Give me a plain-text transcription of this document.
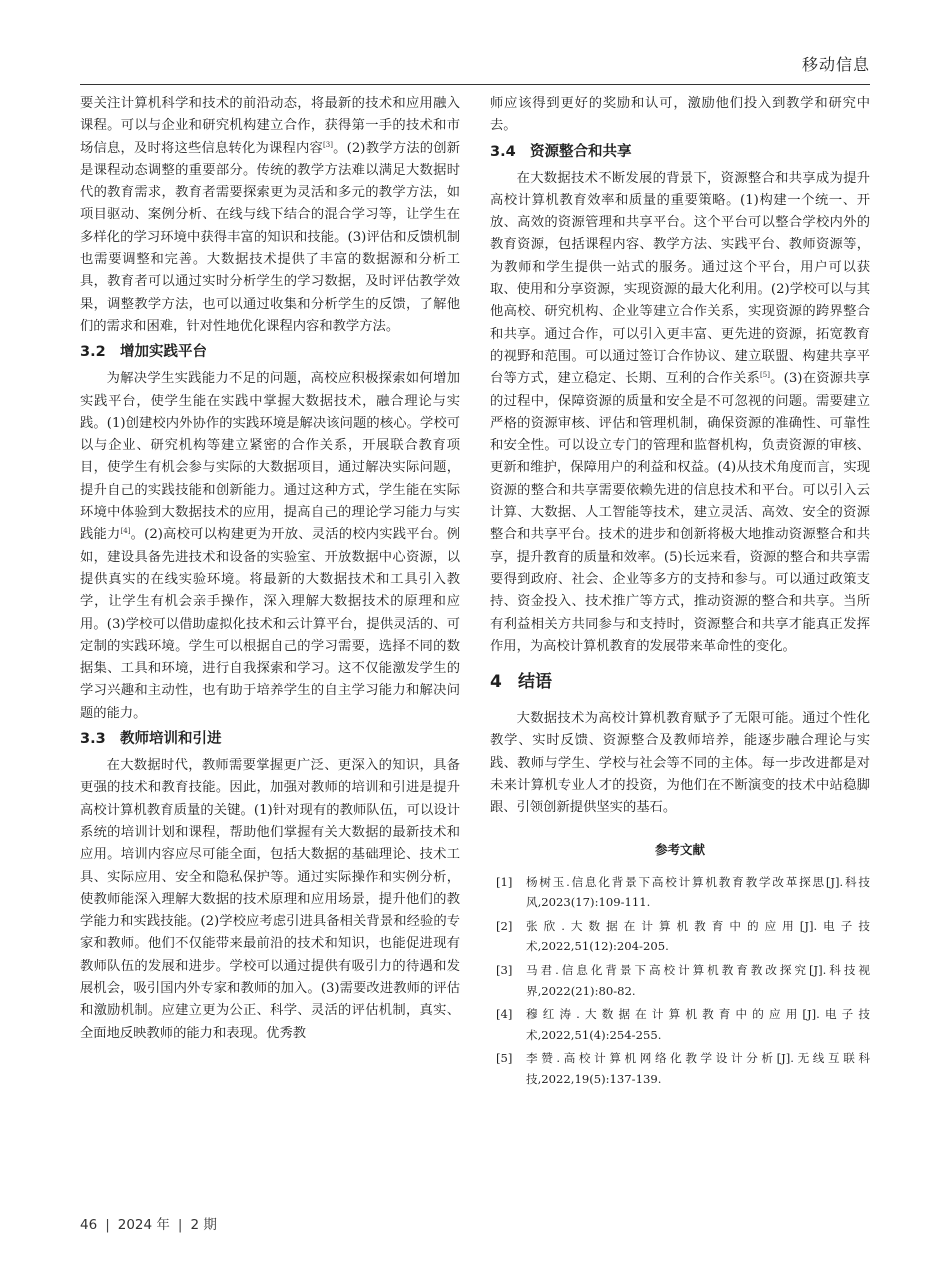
移动信息

要关注计算机科学和技术的前沿动态，将最新的技术和应用融入课程。可以与企业和研究机构建立合作，获得第一手的技术和市场信息，及时将这些信息转化为课程内容[3]。(2)教学方法的创新是课程动态调整的重要部分。传统的教学方法难以满足大数据时代的教育需求，教育者需要探索更为灵活和多元的教学方法，如项目驱动、案例分析、在线与线下结合的混合学习等，让学生在多样化的学习环境中获得丰富的知识和技能。(3)评估和反馈机制也需要调整和完善。大数据技术提供了丰富的数据源和分析工具，教育者可以通过实时分析学生的学习数据，及时评估教学效果，调整教学方法，也可以通过收集和分析学生的反馈，了解他们的需求和困难，针对性地优化课程内容和教学方法。

3.2 增加实践平台

为解决学生实践能力不足的问题，高校应积极探索如何增加实践平台，使学生能在实践中掌握大数据技术，融合理论与实践。(1)创建校内外协作的实践环境是解决该问题的核心。学校可以与企业、研究机构等建立紧密的合作关系，开展联合教育项目，使学生有机会参与实际的大数据项目，通过解决实际问题，提升自己的实践技能和创新能力。通过这种方式，学生能在实际环境中体验到大数据技术的应用，提高自己的理论学习能力与实践能力[4]。(2)高校可以构建更为开放、灵活的校内实践平台。例如，建设具备先进技术和设备的实验室、开放数据中心资源，以提供真实的在线实验环境。将最新的大数据技术和工具引入教学，让学生有机会亲手操作，深入理解大数据技术的原理和应用。(3)学校可以借助虚拟化技术和云计算平台，提供灵活的、可定制的实践环境。学生可以根据自己的学习需要，选择不同的数据集、工具和环境，进行自我探索和学习。这不仅能激发学生的学习兴趣和主动性，也有助于培养学生的自主学习能力和解决问题的能力。

3.3 教师培训和引进

在大数据时代，教师需要掌握更广泛、更深入的知识，具备更强的技术和教育技能。因此，加强对教师的培训和引进是提升高校计算机教育质量的关键。(1)针对现有的教师队伍，可以设计系统的培训计划和课程，帮助他们掌握有关大数据的最新技术和应用。培训内容应尽可能全面，包括大数据的基础理论、技术工具、实际应用、安全和隐私保护等。通过实际操作和实例分析，使教师能深入理解大数据的技术原理和应用场景，提升他们的教学能力和实践技能。(2)学校应考虑引进具备相关背景和经验的专家和教师。他们不仅能带来最前沿的技术和知识，也能促进现有教师队伍的发展和进步。学校可以通过提供有吸引力的待遇和发展机会，吸引国内外专家和教师的加入。(3)需要改进教师的评估和激励机制。应建立更为公正、科学、灵活的评估机制，真实、全面地反映教师的能力和表现。优秀教

师应该得到更好的奖励和认可，激励他们投入到教学和研究中去。

3.4 资源整合和共享

在大数据技术不断发展的背景下，资源整合和共享成为提升高校计算机教育效率和质量的重要策略。(1)构建一个统一、开放、高效的资源管理和共享平台。这个平台可以整合学校内外的教育资源，包括课程内容、教学方法、实践平台、教师资源等，为教师和学生提供一站式的服务。通过这个平台，用户可以获取、使用和分享资源，实现资源的最大化利用。(2)学校可以与其他高校、研究机构、企业等建立合作关系，实现资源的跨界整合和共享。通过合作，可以引入更丰富、更先进的资源，拓宽教育的视野和范围。可以通过签订合作协议、建立联盟、构建共享平台等方式，建立稳定、长期、互利的合作关系[5]。(3)在资源共享的过程中，保障资源的质量和安全是不可忽视的问题。需要建立严格的资源审核、评估和管理机制，确保资源的准确性、可靠性和安全性。可以设立专门的管理和监督机构，负责资源的审核、更新和维护，保障用户的利益和权益。(4)从技术角度而言，实现资源的整合和共享需要依赖先进的信息技术和平台。可以引入云计算、大数据、人工智能等技术，建立灵活、高效、安全的资源整合和共享平台。技术的进步和创新将极大地推动资源整合和共享，提升教育的质量和效率。(5)长远来看，资源的整合和共享需要得到政府、社会、企业等多方的支持和参与。可以通过政策支持、资金投入、技术推广等方式，推动资源的整合和共享。当所有利益相关方共同参与和支持时，资源整合和共享才能真正发挥作用，为高校计算机教育的发展带来革命性的变化。

4 结语

大数据技术为高校计算机教育赋予了无限可能。通过个性化教学、实时反馈、资源整合及教师培养，能逐步融合理论与实践、教师与学生、学校与社会等不同的主体。每一步改进都是对未来计算机专业人才的投资，为他们在不断演变的技术中站稳脚跟、引领创新提供坚实的基石。

参考文献
[1] 杨树玉.信息化背景下高校计算机教育教学改革探思[J].科技风,2023(17):109-111.
[2] 张欣.大数据在计算机教育中的应用[J].电子技术,2022,51(12):204-205.
[3] 马君.信息化背景下高校计算机教育教改探究[J].科技视界,2022(21):80-82.
[4] 穆红涛.大数据在计算机教育中的应用[J].电子技术,2022,51(4):254-255.
[5] 李赞.高校计算机网络化教学设计分析[J].无线互联科技,2022,19(5):137-139.
46 | 2024 年 | 2 期
